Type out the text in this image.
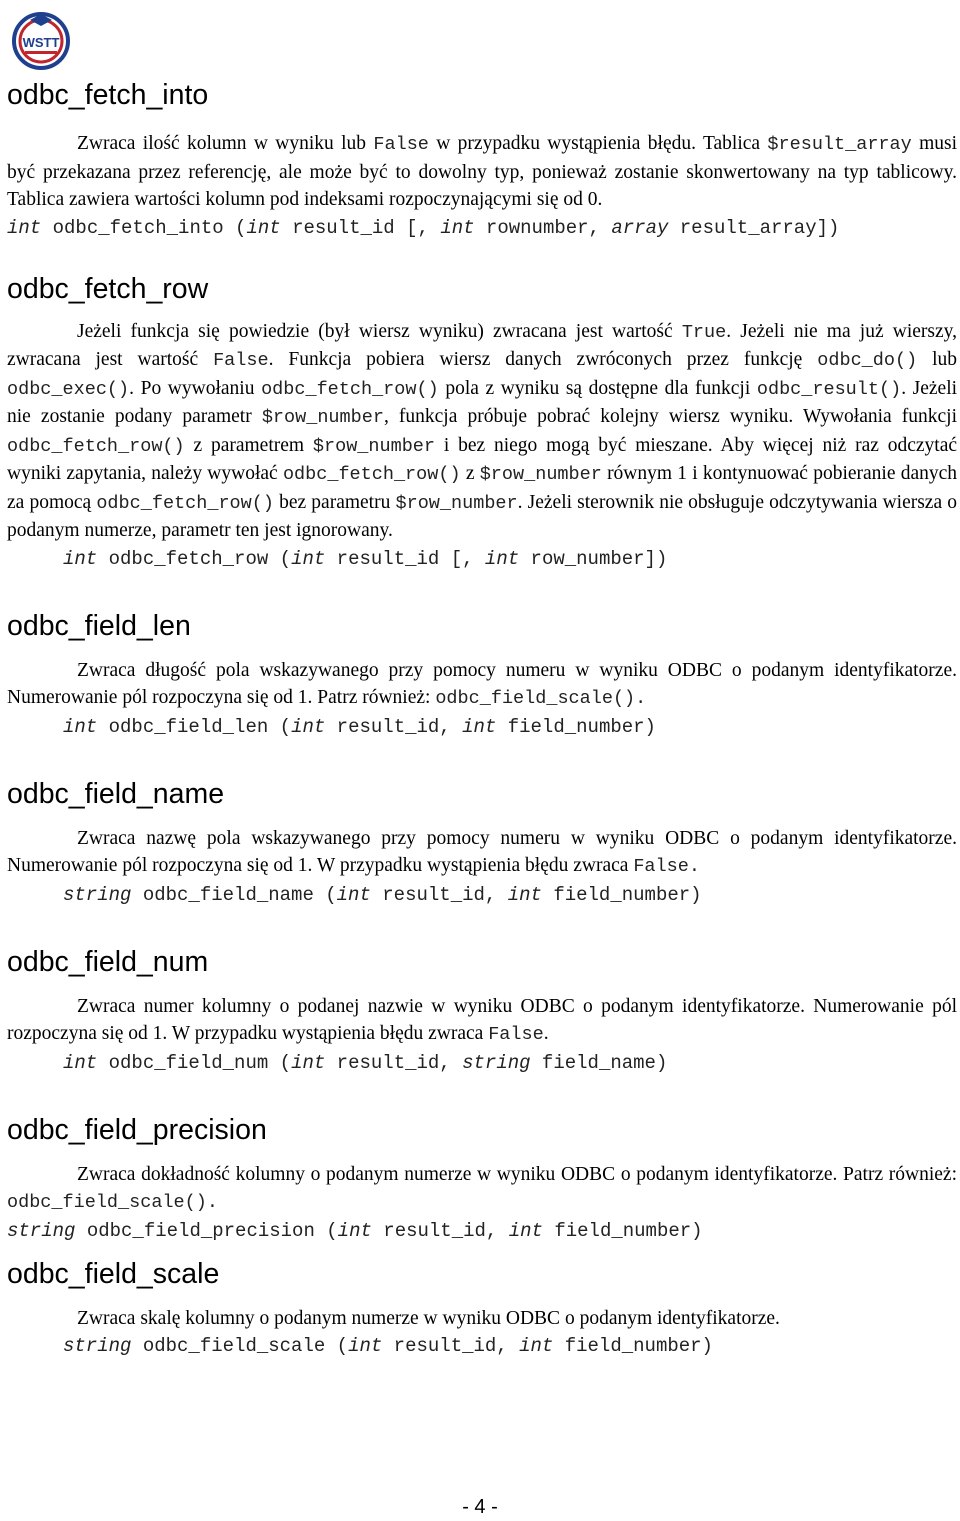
WSTT
odbc_fetch_into

Zwraca ilość kolumn w wyniku lub False w przypadku wystąpienia błędu. Tablica $result_array musi być przekazana przez referencję, ale może być to dowolny typ, ponieważ zostanie skonwertowany na typ tablicowy. Tablica zawiera wartości kolumn pod indeksami rozpoczynającymi się od 0.

int odbc_fetch_into (int result_id [, int rownumber, array result_array])

odbc_fetch_row

Jeżeli funkcja się powiedzie (był wiersz wyniku) zwracana jest wartość True. Jeżeli nie ma już wierszy, zwracana jest wartość False. Funkcja pobiera wiersz danych zwróconych przez funkcję odbc_do() lub odbc_exec(). Po wywołaniu odbc_fetch_row() pola z wyniku są dostępne dla funkcji odbc_result(). Jeżeli nie zostanie podany parametr $row_number, funkcja próbuje pobrać kolejny wiersz wyniku. Wywołania funkcji odbc_fetch_row() z parametrem $row_number i bez niego mogą być mieszane. Aby więcej niż raz odczytać wyniki zapytania, należy wywołać odbc_fetch_row() z $row_number równym 1 i kontynuować pobieranie danych za pomocą odbc_fetch_row() bez parametru $row_number. Jeżeli sterownik nie obsługuje odczytywania wiersza o podanym numerze, parametr ten jest ignorowany.

int odbc_fetch_row (int result_id [, int row_number])

odbc_field_len

Zwraca długość pola wskazywanego przy pomocy numeru w wyniku ODBC o podanym identyfikatorze. Numerowanie pól rozpoczyna się od 1. Patrz również: odbc_field_scale().

int odbc_field_len (int result_id, int field_number)

odbc_field_name

Zwraca nazwę pola wskazywanego przy pomocy numeru w wyniku ODBC o podanym identyfikatorze. Numerowanie pól rozpoczyna się od 1. W przypadku wystąpienia błędu zwraca False.

string odbc_field_name (int result_id, int field_number)

odbc_field_num

Zwraca numer kolumny o podanej nazwie w wyniku ODBC o podanym identyfikatorze. Numerowanie pól rozpoczyna się od 1. W przypadku wystąpienia błędu zwraca False.

int odbc_field_num (int result_id, string field_name)

odbc_field_precision

Zwraca dokładność kolumny o podanym numerze w wyniku ODBC o podanym identyfikatorze. Patrz również: odbc_field_scale().

string odbc_field_precision (int result_id, int field_number)

odbc_field_scale

Zwraca skalę kolumny o podanym numerze w wyniku ODBC o podanym identyfikatorze.

string odbc_field_scale (int result_id, int field_number)

- 4 -
